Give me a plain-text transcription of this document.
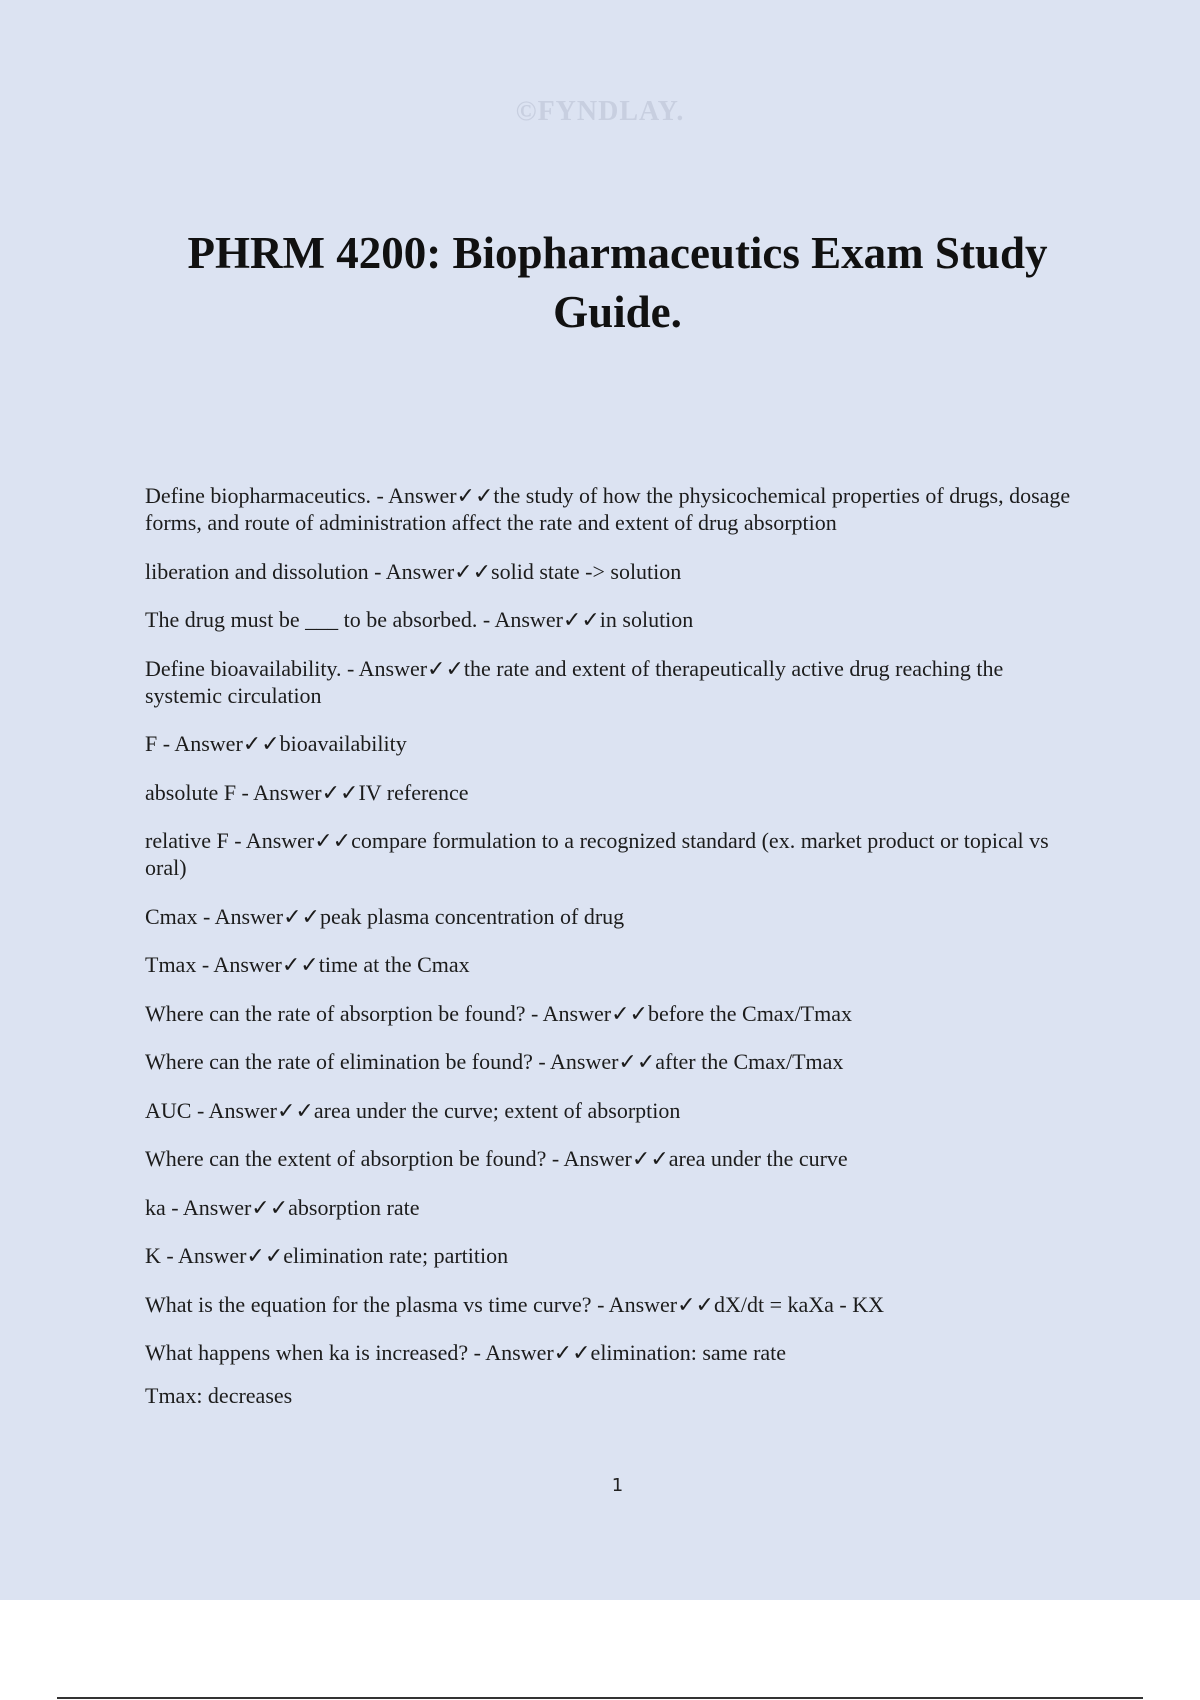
©FYNDLAY.
PHRM 4200: Biopharmaceutics Exam Study Guide.
Define biopharmaceutics. - Answer✓✓the study of how the physicochemical properties of drugs, dosage forms, and route of administration affect the rate and extent of drug absorption
liberation and dissolution - Answer✓✓solid state -> solution
The drug must be ___ to be absorbed. - Answer✓✓in solution
Define bioavailability. - Answer✓✓the rate and extent of therapeutically active drug reaching the systemic circulation
F - Answer✓✓bioavailability
absolute F - Answer✓✓IV reference
relative F - Answer✓✓compare formulation to a recognized standard (ex. market product or topical vs oral)
Cmax - Answer✓✓peak plasma concentration of drug
Tmax - Answer✓✓time at the Cmax
Where can the rate of absorption be found? - Answer✓✓before the Cmax/Tmax
Where can the rate of elimination be found? - Answer✓✓after the Cmax/Tmax
AUC - Answer✓✓area under the curve; extent of absorption
Where can the extent of absorption be found? - Answer✓✓area under the curve
ka - Answer✓✓absorption rate
K - Answer✓✓elimination rate; partition
What is the equation for the plasma vs time curve? - Answer✓✓dX/dt = kaXa - KX
What happens when ka is increased? - Answer✓✓elimination: same rate
Tmax: decreases
1
